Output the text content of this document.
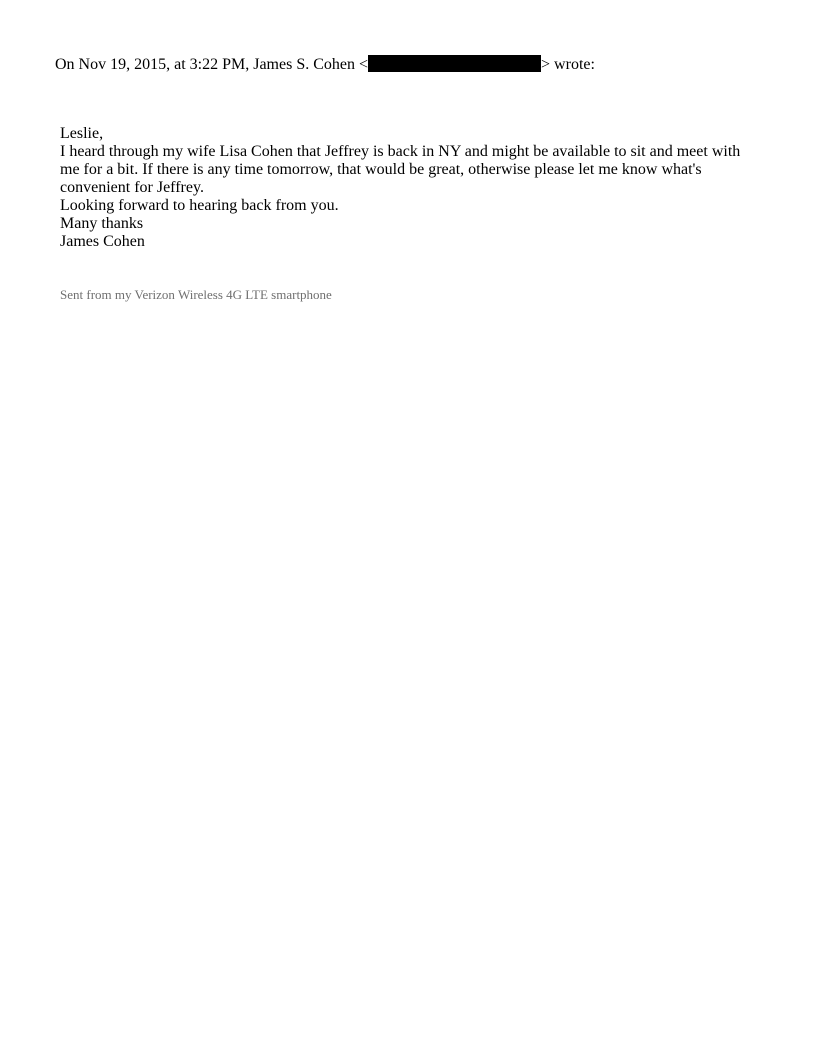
On Nov 19, 2015, at 3:22 PM, James S. Cohen <	> wrote:
Leslie,
I heard through my wife Lisa Cohen that Jeffrey is back in NY and might be available to sit and meet with me for a bit. If there is any time tomorrow, that would be great, otherwise please let me know what's convenient for Jeffrey.
Looking forward to hearing back from you.
Many thanks
James Cohen
Sent from my Verizon Wireless 4G LTE smartphone
